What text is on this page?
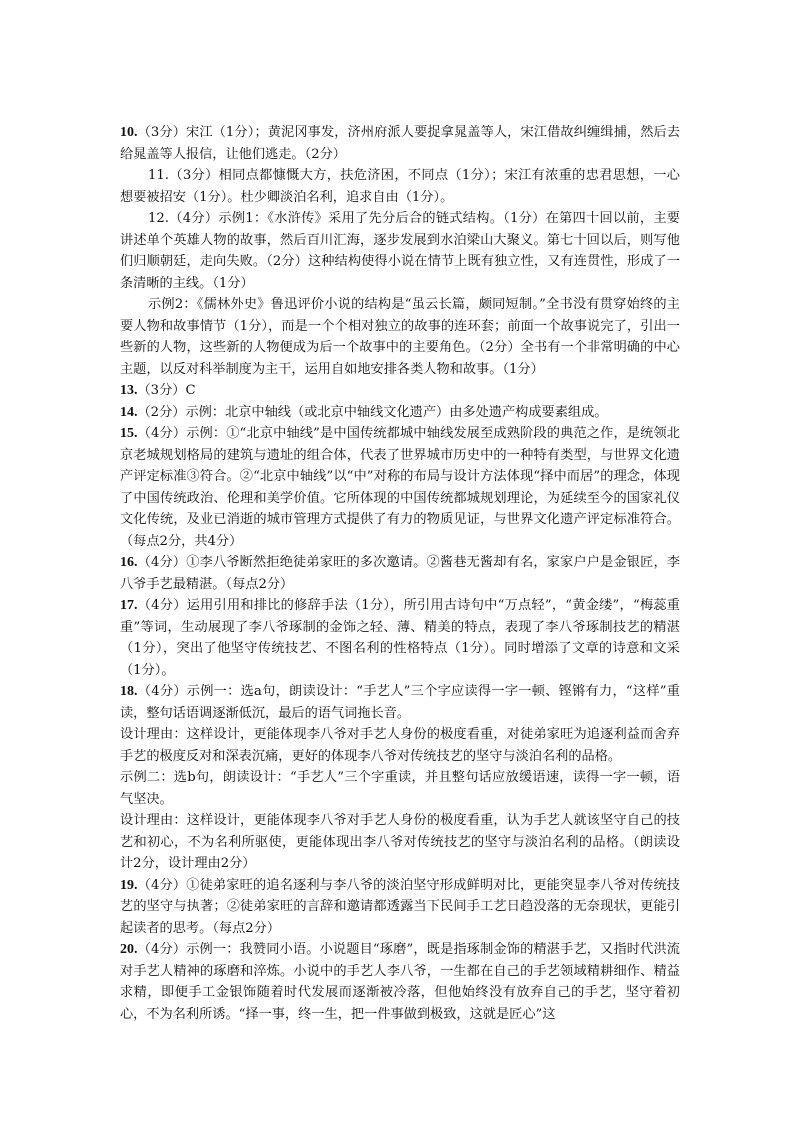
10.（3分）宋江（1分）；黄泥冈事发，济州府派人要捉拿晁盖等人，宋江借故纠缠缉捕，然后去给晁盖等人报信，让他们逃走。（2分）

11.（3分）相同点都慷慨大方，扶危济困，不同点（1分）；宋江有浓重的忠君思想，一心想要被招安（1分）。杜少卿淡泊名利，追求自由（1分）。

12.（4分）示例1：《水浒传》采用了先分后合的链式结构。（1分）在第四十回以前，主要讲述单个英雄人物的故事，然后百川汇海，逐步发展到水泊梁山大聚义。第七十回以后，则写他们归顺朝廷，走向失败。（2分）这种结构使得小说在情节上既有独立性，又有连贯性，形成了一条清晰的主线。（1分）

示例2：《儒林外史》鲁迅评价小说的结构是“虽云长篇，颇同短制。”全书没有贯穿始终的主要人物和故事情节（1分），而是一个个相对独立的故事的连环套；前面一个故事说完了，引出一些新的人物，这些新的人物便成为后一个故事中的主要角色。（2分）全书有一个非常明确的中心主题，以反对科举制度为主干，运用自如地安排各类人物和故事。（1分）

13.（3分）C

14.（2分）示例：北京中轴线（或北京中轴线文化遗产）由多处遗产构成要素组成。

15.（4分）示例：①“北京中轴线”是中国传统都城中轴线发展至成熟阶段的典范之作，是统领北京老城规划格局的建筑与遗址的组合体，代表了世界城市历史中的一种特有类型，与世界文化遗产评定标准③符合。②“北京中轴线”以“中”对称的布局与设计方法体现“择中而居”的理念，体现了中国传统政治、伦理和美学价值。它所体现的中国传统都城规划理论，为延续至今的国家礼仪文化传统，及业已消逝的城市管理方式提供了有力的物质见证，与世界文化遗产评定标准符合。（每点2分，共4分）

16.（4分）①李八爷断然拒绝徒弟家旺的多次邀请。②酱巷无酱却有名，家家户户是金银匠，李八爷手艺最精湛。（每点2分）

17.（4分）运用引用和排比的修辞手法（1分），所引用古诗句中“万点轻”，“黄金缕”，“梅蕊重重”等词，生动展现了李八爷琢制的金饰之轻、薄、精美的特点，表现了李八爷琢制技艺的精湛（1分），突出了他坚守传统技艺、不图名利的性格特点（1分）。同时增添了文章的诗意和文采（1分）。

18.（4分）示例一：选a句，朗读设计：“手艺人”三个字应读得一字一顿、铿锵有力，“这样”重读，整句话语调逐渐低沉，最后的语气词拖长音。

设计理由：这样设计，更能体现李八爷对手艺人身份的极度看重，对徒弟家旺为追逐利益而舍弃手艺的极度反对和深表沉痛，更好的体现李八爷对传统技艺的坚守与淡泊名利的品格。

示例二：选b句，朗读设计：“手艺人”三个字重读，并且整句话应放缓语速，读得一字一顿，语气坚决。

设计理由：这样设计，更能体现李八爷对手艺人身份的极度看重，认为手艺人就该坚守自己的技艺和初心，不为名利所驱使，更能体现出李八爷对传统技艺的坚守与淡泊名利的品格。（朗读设计2分，设计理由2分）

19.（4分）①徒弟家旺的追名逐利与李八爷的淡泊坚守形成鲜明对比，更能突显李八爷对传统技艺的坚守与执著；②徒弟家旺的言辞和邀请都透露当下民间手工艺日趋没落的无奈现状，更能引起读者的思考。（每点2分）

20.（4分）示例一：我赞同小语。小说题目“琢磨”，既是指琢制金饰的精湛手艺，又指时代洪流对手艺人精神的琢磨和淬炼。小说中的手艺人李八爷，一生都在自己的手艺领域精耕细作、精益求精，即便手工金银饰随着时代发展而逐渐被冷落，但他始终没有放弃自己的手艺，坚守着初心，不为名利所诱。“择一事，终一生，把一件事做到极致，这就是匠心”这
